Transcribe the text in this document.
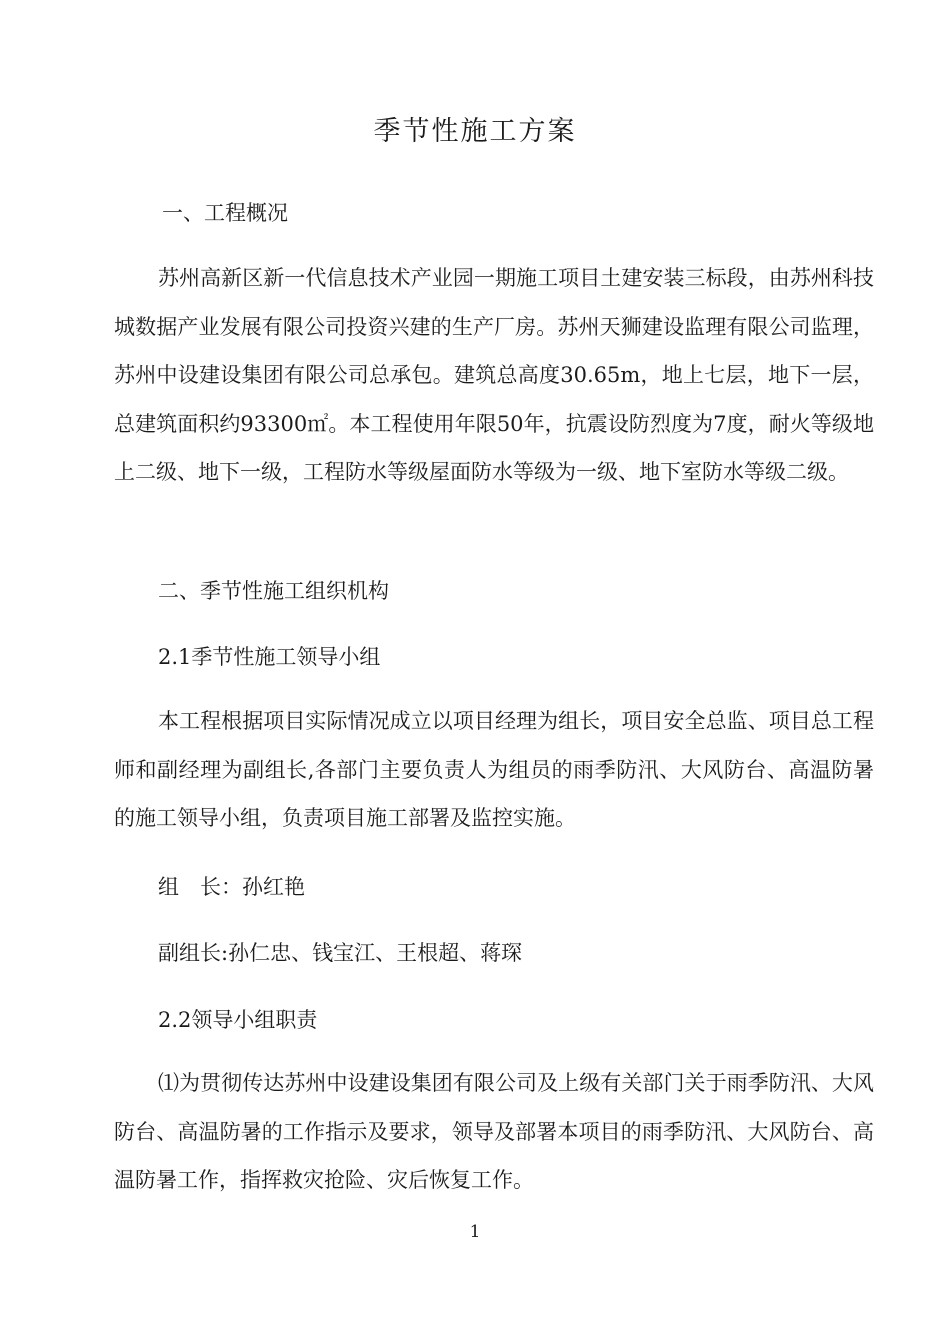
季节性施工方案
一、工程概况
苏州高新区新一代信息技术产业园一期施工项目土建安装三标段，由苏州科技城数据产业发展有限公司投资兴建的生产厂房。苏州天狮建设监理有限公司监理，苏州中设建设集团有限公司总承包。建筑总高度30.65m，地上七层，地下一层，总建筑面积约93300㎡。本工程使用年限50年，抗震设防烈度为7度，耐火等级地上二级、地下一级，工程防水等级屋面防水等级为一级、地下室防水等级二级。
二、季节性施工组织机构
2.1季节性施工领导小组
本工程根据项目实际情况成立以项目经理为组长，项目安全总监、项目总工程师和副经理为副组长,各部门主要负责人为组员的雨季防汛、大风防台、高温防暑的施工领导小组，负责项目施工部署及监控实施。
组　长：孙红艳
副组长:孙仁忠、钱宝江、王根超、蒋琛
2.2领导小组职责
⑴为贯彻传达苏州中设建设集团有限公司及上级有关部门关于雨季防汛、大风防台、高温防暑的工作指示及要求，领导及部署本项目的雨季防汛、大风防台、高温防暑工作，指挥救灾抢险、灾后恢复工作。
1
